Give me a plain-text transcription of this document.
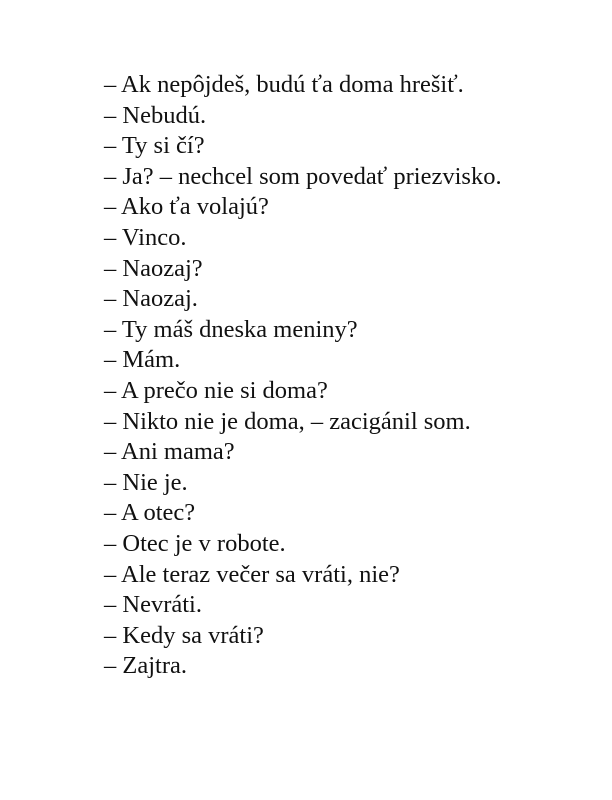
– Ak nepôjdeš, budú ťa doma hrešiť.
– Nebudú.
– Ty si čí?
– Ja? – nechcel som povedať priezvisko.
– Ako ťa volajú?
– Vinco.
– Naozaj?
– Naozaj.
– Ty máš dneska meniny?
– Mám.
– A prečo nie si doma?
– Nikto nie je doma, – zacigánil som.
– Ani mama?
– Nie je.
– A otec?
– Otec je v robote.
– Ale teraz večer sa vráti, nie?
– Nevráti.
– Kedy sa vráti?
– Zajtra.
